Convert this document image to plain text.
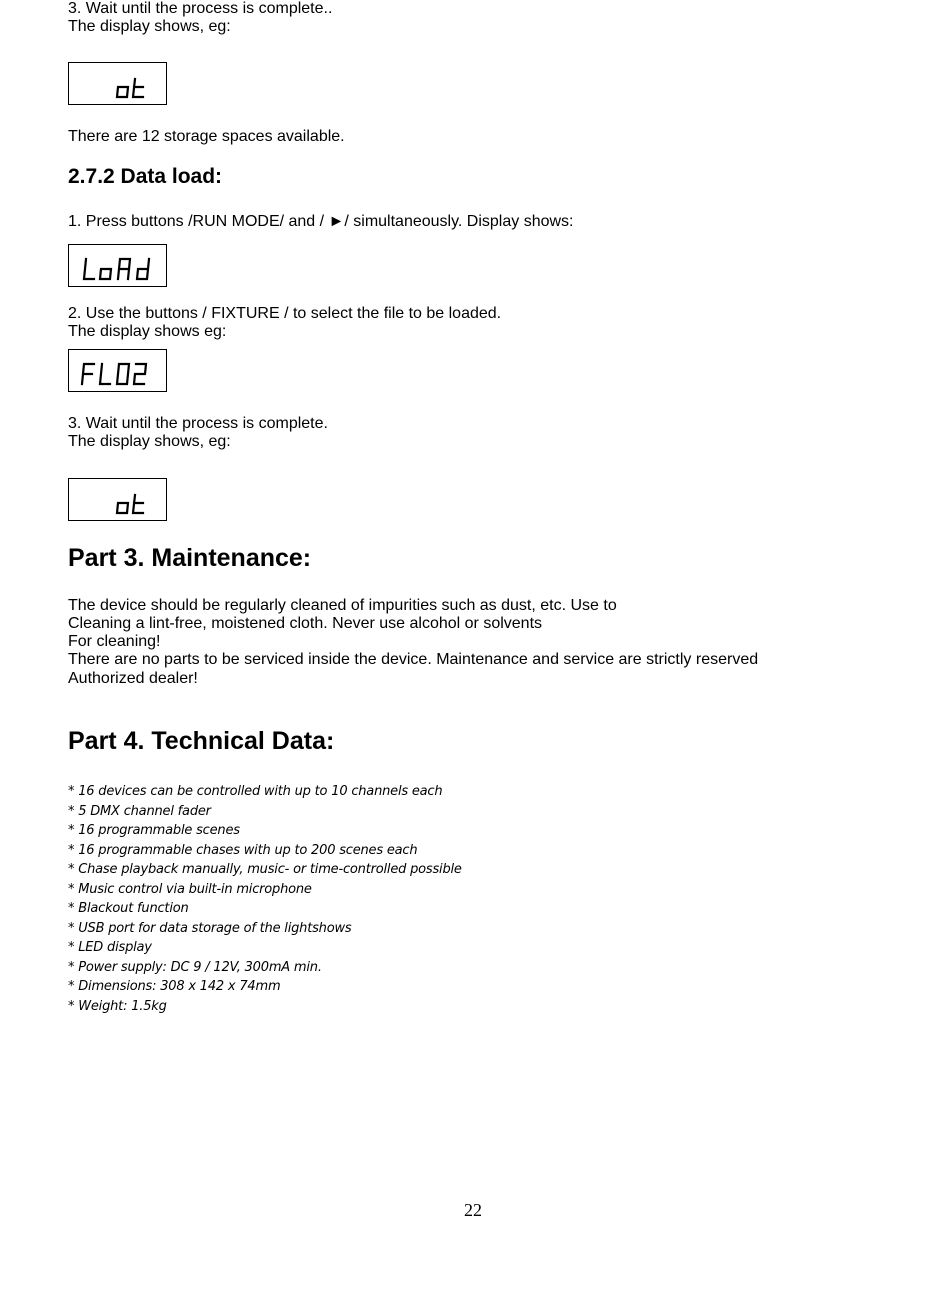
3. Wait until the process is complete..
The display shows, eg:
There are 12 storage spaces available.
2.7.2 Data load:
1. Press buttons /RUN MODE/ and / ►/ simultaneously. Display shows:
2. Use the buttons / FIXTURE / to select the file to be loaded.
The display shows eg:
3. Wait until the process is complete.
The display shows, eg:
Part 3. Maintenance:
The device should be regularly cleaned of impurities such as dust, etc. Use to
Cleaning a lint-free, moistened cloth. Never use alcohol or solvents
For cleaning!
There are no parts to be serviced inside the device. Maintenance and service are strictly reserved
Authorized dealer!
Part 4. Technical Data:
* 16 devices can be controlled with up to 10 channels each
* 5 DMX channel fader
* 16 programmable scenes
* 16 programmable chases with up to 200 scenes each
* Chase playback manually, music- or time-controlled possible
* Music control via built-in microphone
* Blackout function
* USB port for data storage of the lightshows
* LED display
* Power supply: DC 9 / 12V, 300mA min.
* Dimensions: 308 x 142 x 74mm
* Weight: 1.5kg
22
